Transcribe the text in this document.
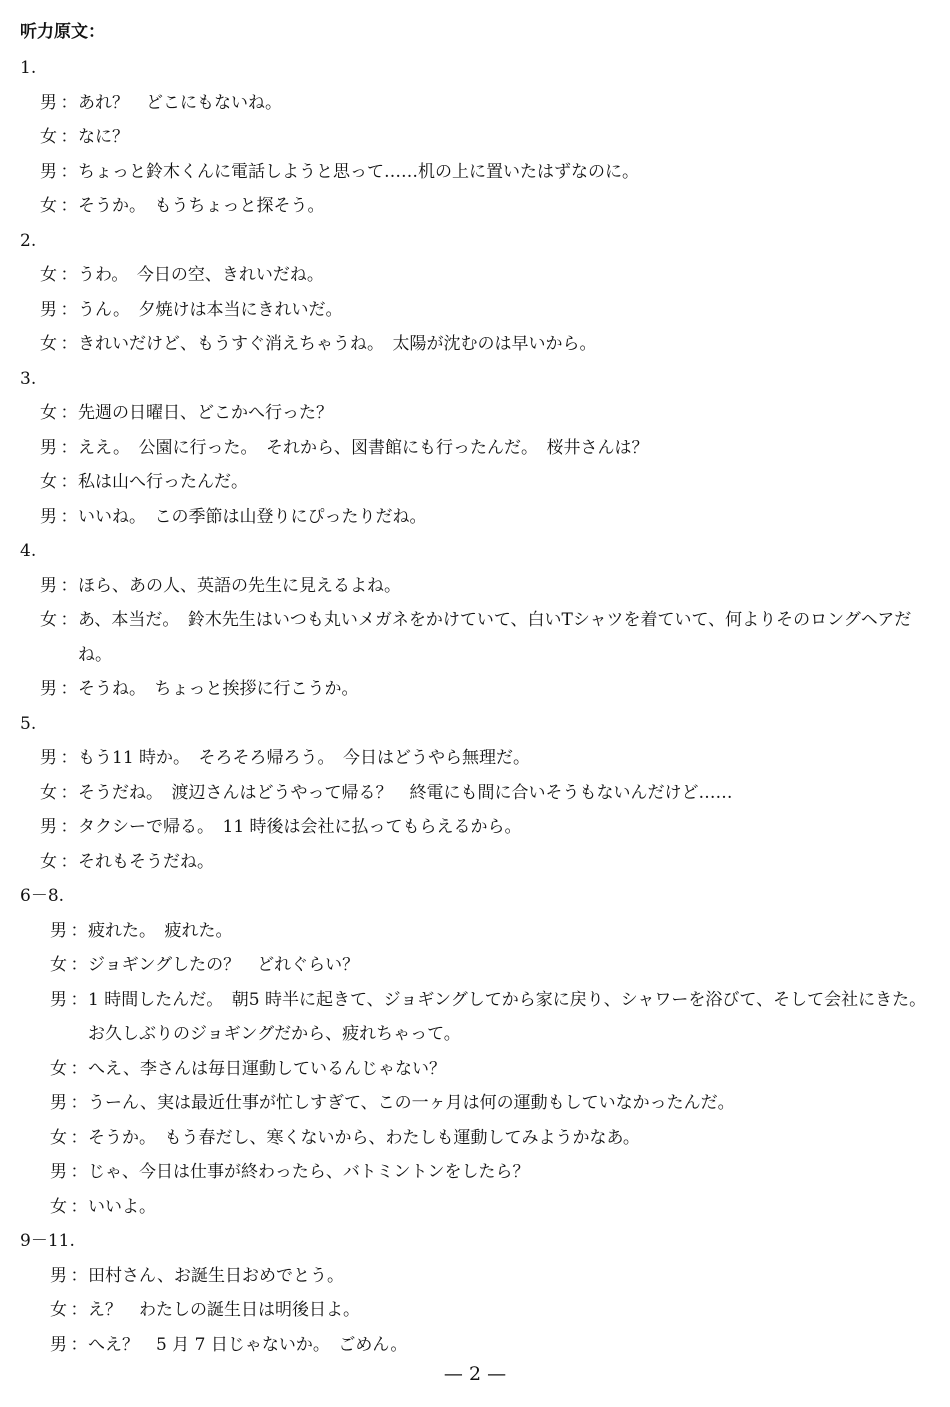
听力原文：
1.
男 ： あれ？　どこにもないね。
女 ： なに？
男 ： ちょっと鈴木くんに電話しようと思って……机の上に置いたはずなのに。
女 ： そうか。　もうちょっと探そう。
2.
女 ： うわ。　今日の空、きれいだね。
男 ： うん。　夕焼けは本当にきれいだ。
女 ： きれいだけど、もうすぐ消えちゃうね。　太陽が沈むのは早いから。
3.
女 ： 先週の日曜日、どこかへ行った？
男 ： ええ。　公園に行った。　それから、図書館にも行ったんだ。　桜井さんは？
女 ： 私は山へ行ったんだ。
男 ： いいね。　この季節は山登りにぴったりだね。
4.
男 ： ほら、あの人、英語の先生に見えるよね。
女 ： あ、本当だ。　鈴木先生はいつも丸いメガネをかけていて、白いTシャツを着ていて、何よりそのロングヘアだね。
男 ： そうね。　ちょっと挨拶に行こうか。
5.
男 ： もう11 時か。　そろそろ帰ろう。　今日はどうやら無理だ。
女 ： そうだね。　渡辺さんはどうやって帰る？　終電にも間に合いそうもないんだけど……
男 ： タクシーで帰る。　11 時後は会社に払ってもらえるから。
女 ： それもそうだね。
6－8.
男 ： 疲れた。　疲れた。
女 ： ジョギングしたの？　どれぐらい？
男 ： 1 時間したんだ。　朝5 時半に起きて、ジョギングしてから家に戻り、シャワーを浴びて、そして会社にきた。　お久しぶりのジョギングだから、疲れちゃって。
女 ： へえ、李さんは毎日運動しているんじゃない？
男 ： うーん、実は最近仕事が忙しすぎて、この一ヶ月は何の運動もしていなかったんだ。
女 ： そうか。　もう春だし、寒くないから、わたしも運動してみようかなあ。
男 ： じゃ、今日は仕事が終わったら、バトミントンをしたら？
女 ： いいよ。
9－11.
男 ： 田村さん、お誕生日おめでとう。
女 ： え？　わたしの誕生日は明後日よ。
男 ： へえ？　5 月 7 日じゃないか。　ごめん。
— 2 —
